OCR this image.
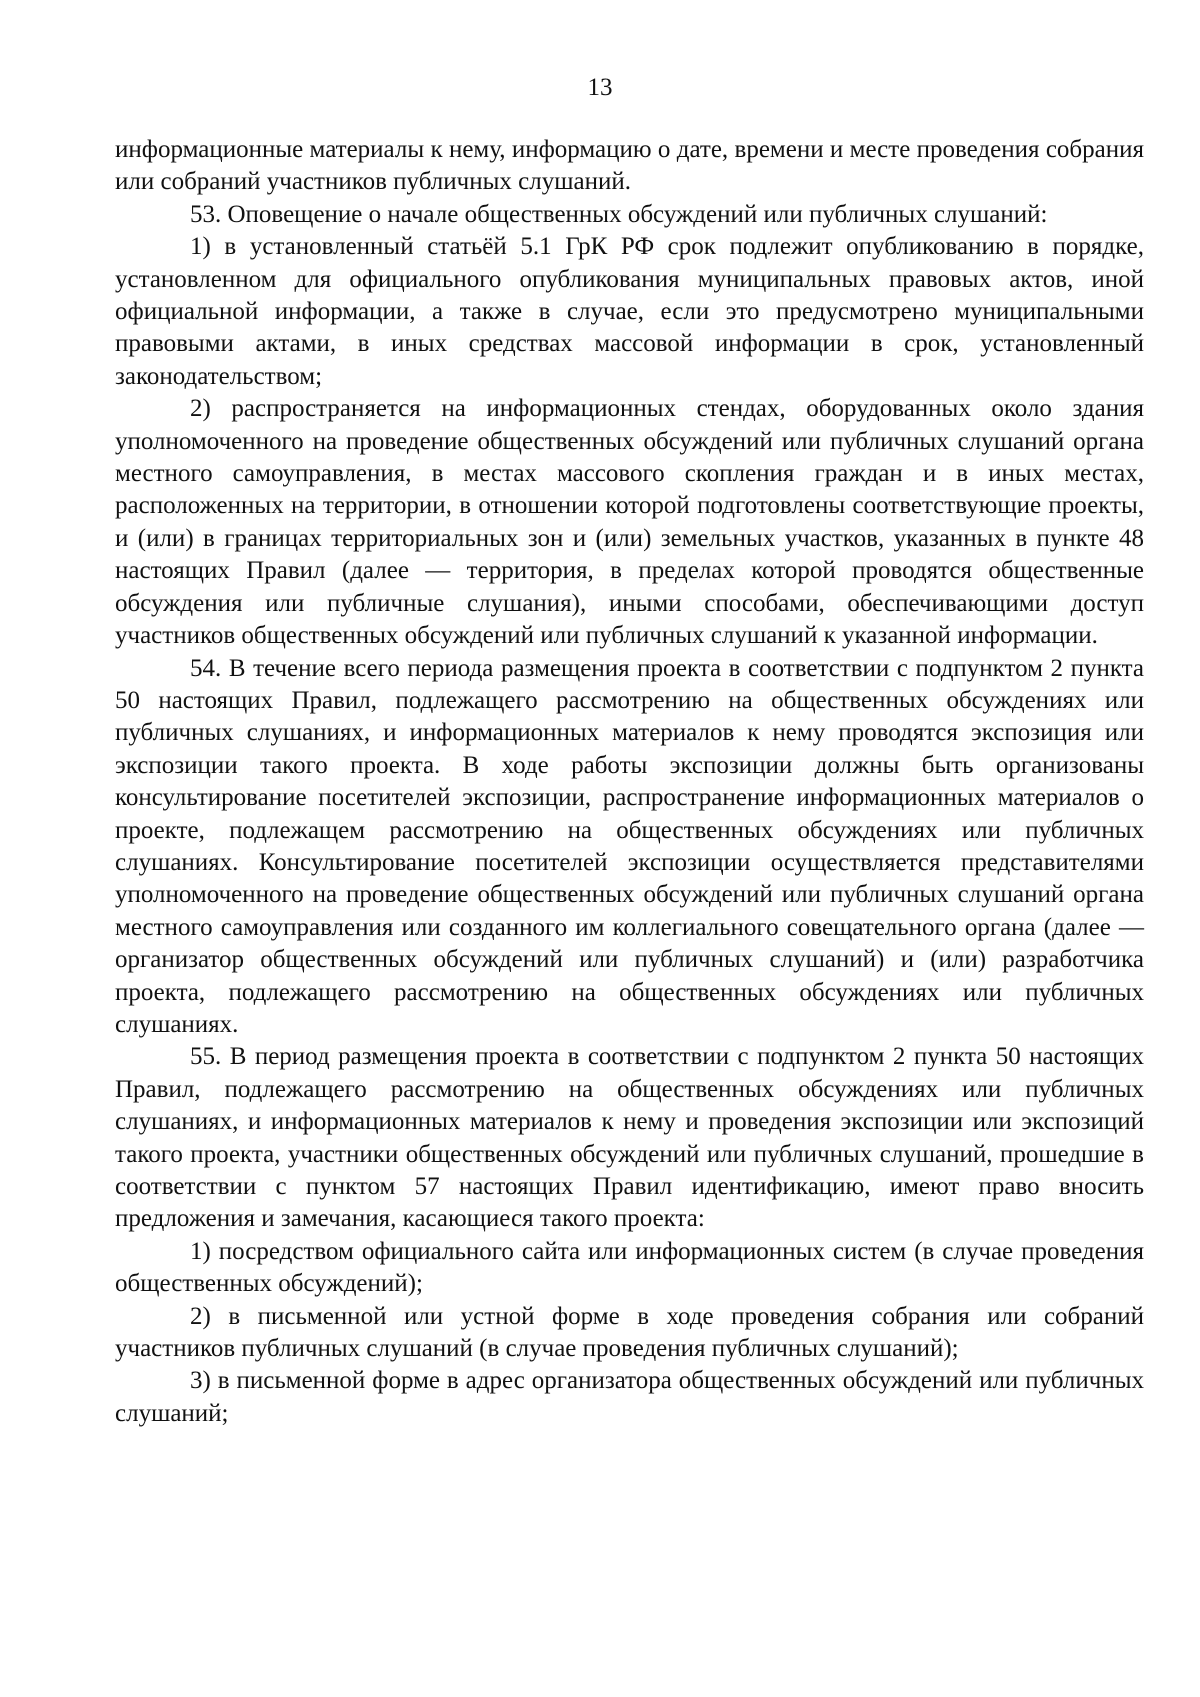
13

информационные материалы к нему, информацию о дате, времени и месте проведения собрания или собраний участников публичных слушаний.

53. Оповещение о начале общественных обсуждений или публичных слушаний:

1) в установленный статьёй 5.1 ГрК РФ срок подлежит опубликованию в порядке, установленном для официального опубликования муниципальных правовых актов, иной официальной информации, а также в случае, если это предусмотрено муниципальными правовыми актами, в иных средствах массовой информации в срок, установленный законодательством;

2) распространяется на информационных стендах, оборудованных около здания уполномоченного на проведение общественных обсуждений или публичных слушаний органа местного самоуправления, в местах массового скопления граждан и в иных местах, расположенных на территории, в отношении которой подготовлены соответствующие проекты, и (или) в границах территориальных зон и (или) земельных участков, указанных в пункте 48 настоящих Правил (далее — территория, в пределах которой проводятся общественные обсуждения или публичные слушания), иными способами, обеспечивающими доступ участников общественных обсуждений или публичных слушаний к указанной информации.

54. В течение всего периода размещения проекта в соответствии с подпунктом 2 пункта 50 настоящих Правил, подлежащего рассмотрению на общественных обсуждениях или публичных слушаниях, и информационных материалов к нему проводятся экспозиция или экспозиции такого проекта. В ходе работы экспозиции должны быть организованы консультирование посетителей экспозиции, распространение информационных материалов о проекте, подлежащем рассмотрению на общественных обсуждениях или публичных слушаниях. Консультирование посетителей экспозиции осуществляется представителями уполномоченного на проведение общественных обсуждений или публичных слушаний органа местного самоуправления или созданного им коллегиального совещательного органа (далее — организатор общественных обсуждений или публичных слушаний) и (или) разработчика проекта, подлежащего рассмотрению на общественных обсуждениях или публичных слушаниях.

55. В период размещения проекта в соответствии с подпунктом 2 пункта 50 настоящих Правил, подлежащего рассмотрению на общественных обсуждениях или публичных слушаниях, и информационных материалов к нему и проведения экспозиции или экспозиций такого проекта, участники общественных обсуждений или публичных слушаний, прошедшие в соответствии с пунктом 57 настоящих Правил идентификацию, имеют право вносить предложения и замечания, касающиеся такого проекта:

1) посредством официального сайта или информационных систем (в случае проведения общественных обсуждений);

2) в письменной или устной форме в ходе проведения собрания или собраний участников публичных слушаний (в случае проведения публичных слушаний);

3) в письменной форме в адрес организатора общественных обсуждений или публичных слушаний;
